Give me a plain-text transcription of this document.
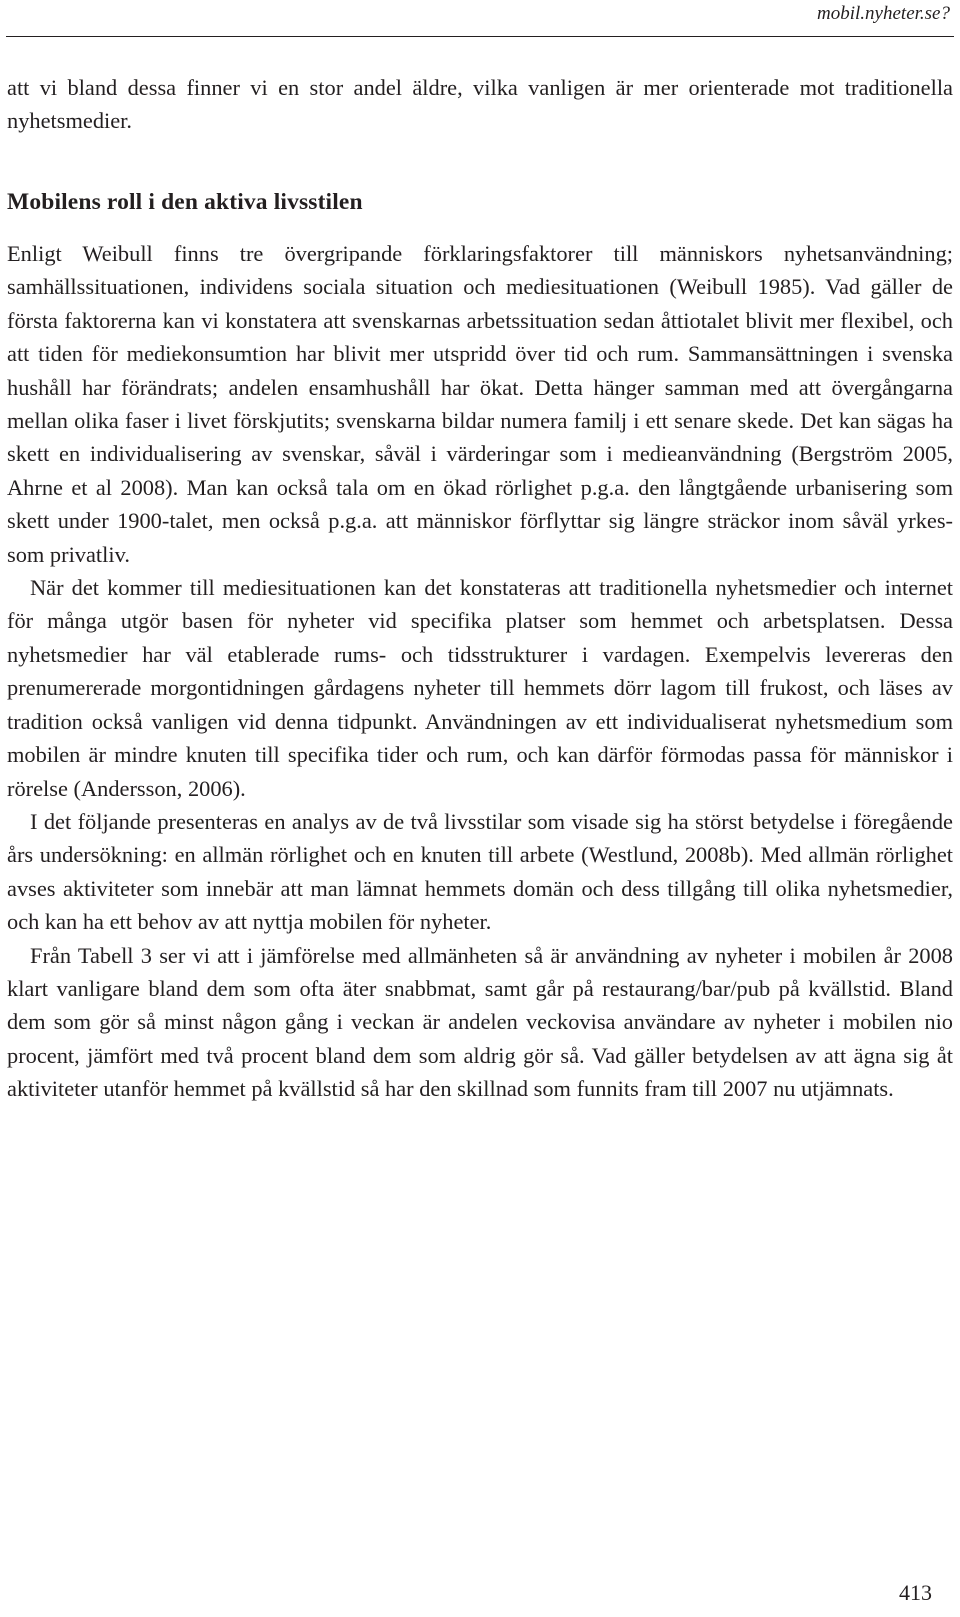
mobil.nyheter.se?

att vi bland dessa finner vi en stor andel äldre, vilka vanligen är mer orienterade mot traditionella nyhetsmedier.

Mobilens roll i den aktiva livsstilen

Enligt Weibull finns tre övergripande förklaringsfaktorer till människors nyhetsanvändning; samhällssituationen, individens sociala situation och mediesituationen (Weibull 1985). Vad gäller de första faktorerna kan vi konstatera att svenskarnas arbetssituation sedan åttiotalet blivit mer flexibel, och att tiden för mediekonsumtion har blivit mer utspridd över tid och rum. Sammansättningen i svenska hushåll har förändrats; andelen ensamhushåll har ökat. Detta hänger samman med att övergångarna mellan olika faser i livet förskjutits; svenskarna bildar numera familj i ett senare skede. Det kan sägas ha skett en individualisering av svenskar, såväl i värderingar som i medieanvändning (Bergström 2005, Ahrne et al 2008). Man kan också tala om en ökad rörlighet p.g.a. den långtgående urbanisering som skett under 1900-talet, men också p.g.a. att människor förflyttar sig längre sträckor inom såväl yrkes- som privatliv.

När det kommer till mediesituationen kan det konstateras att traditionella nyhetsmedier och internet för många utgör basen för nyheter vid specifika platser som hemmet och arbetsplatsen. Dessa nyhetsmedier har väl etablerade rums- och tidsstrukturer i vardagen. Exempelvis levereras den prenumererade morgontidningen gårdagens nyheter till hemmets dörr lagom till frukost, och läses av tradition också vanligen vid denna tidpunkt. Användningen av ett individualiserat nyhetsmedium som mobilen är mindre knuten till specifika tider och rum, och kan därför förmodas passa för människor i rörelse (Andersson, 2006).

I det följande presenteras en analys av de två livsstilar som visade sig ha störst betydelse i föregående års undersökning: en allmän rörlighet och en knuten till arbete (Westlund, 2008b). Med allmän rörlighet avses aktiviteter som innebär att man lämnat hemmets domän och dess tillgång till olika nyhetsmedier, och kan ha ett behov av att nyttja mobilen för nyheter.

Från Tabell 3 ser vi att i jämförelse med allmänheten så är användning av nyheter i mobilen år 2008 klart vanligare bland dem som ofta äter snabbmat, samt går på restaurang/bar/pub på kvällstid. Bland dem som gör så minst någon gång i veckan är andelen veckovisa användare av nyheter i mobilen nio procent, jämfört med två procent bland dem som aldrig gör så. Vad gäller betydelsen av att ägna sig åt aktiviteter utanför hemmet på kvällstid så har den skillnad som funnits fram till 2007 nu utjämnats.

413
